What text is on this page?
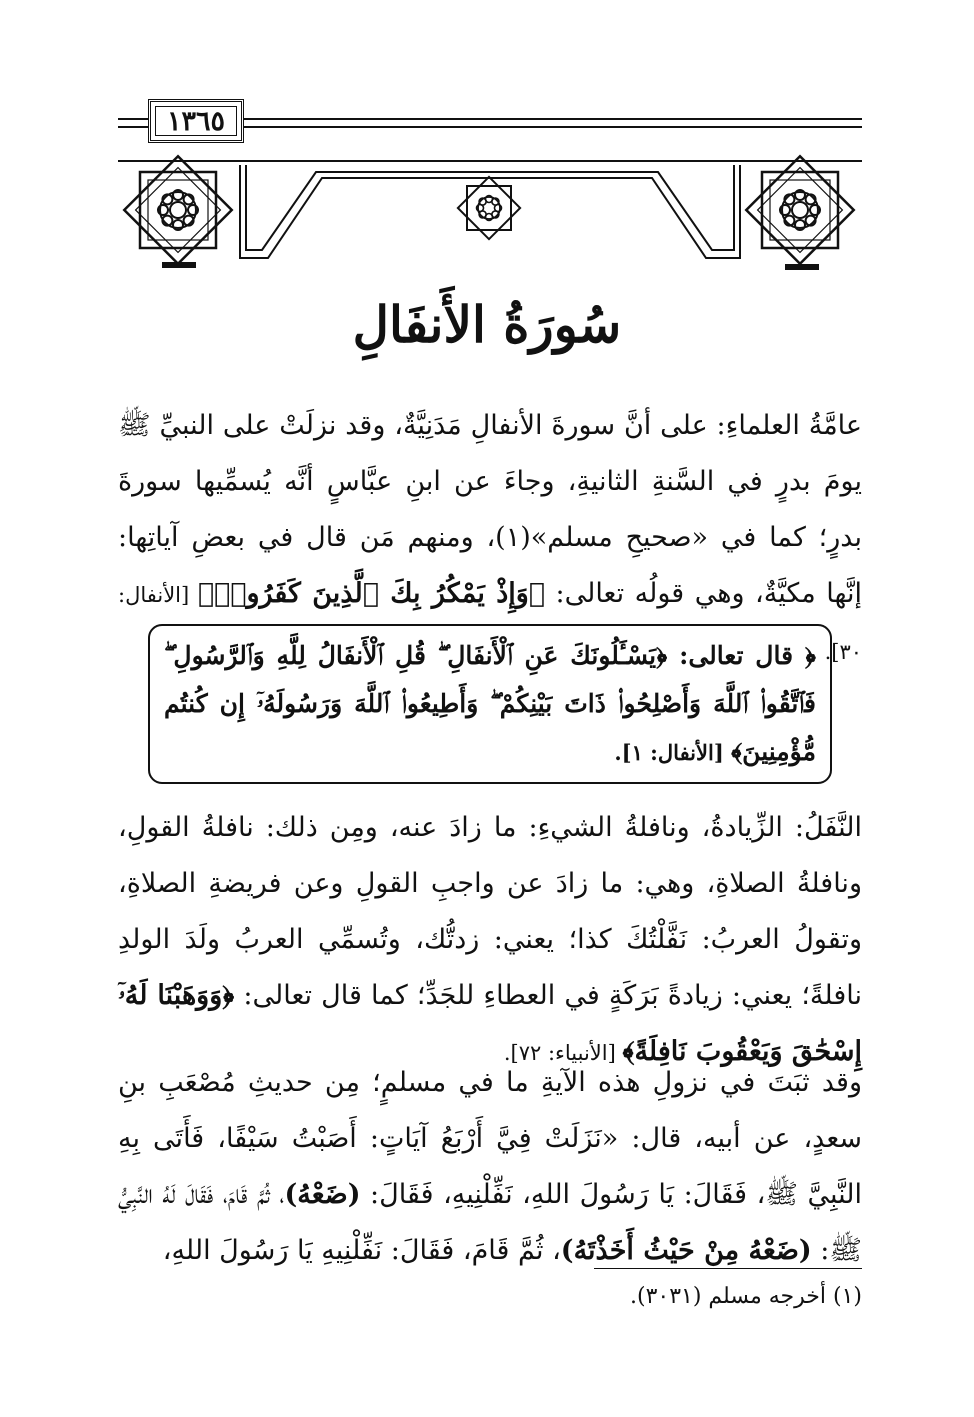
١٣٦٥
سُورَةُ الأَنفَالِ
عامَّةُ العلماءِ: على أنَّ سورةَ الأنفالِ مَدَنِيَّةٌ، وقد نزلَتْ على النبيِّ ﷺ يومَ بدرٍ في السَّنةِ الثانيةِ، وجاءَ عن ابنِ عبَّاسٍ أنَّه يُسمِّيها سورةَ بدرٍ؛ كما في «صحيحِ مسلم»(١)، ومنهم مَن قال في بعضِ آياتِها: إنَّها مكيَّةٌ، وهي قولُه تعالى: ﴿وَإِذْ يَمْكُرُ بِكَ ٱلَّذِينَ كَفَرُوا۟﴾ [الأنفال: ٣٠].
﴿ قال تعالى: ﴿يَسْـَٔلُونَكَ عَنِ ٱلْأَنفَالِ ۖ قُلِ ٱلْأَنفَالُ لِلَّهِ وَٱلرَّسُولِ ۖ فَٱتَّقُوا۟ ٱللَّهَ وَأَصْلِحُوا۟ ذَاتَ بَيْنِكُمْ ۖ وَأَطِيعُوا۟ ٱللَّهَ وَرَسُولَهُۥٓ إِن كُنتُم مُّؤْمِنِينَ﴾ [الأنفال: ١].
النَّفَلُ: الزِّيادةُ، ونافلةُ الشيءِ: ما زادَ عنه، ومِن ذلك: نافلةُ القولِ، ونافلةُ الصلاةِ، وهي: ما زادَ عن واجبِ القولِ وعن فريضةِ الصلاةِ، وتقولُ العربُ: نَفَّلْتُكَ كذا؛ يعني: زدتُّك، وتُسمِّي العربُ ولَدَ الولدِ نافلةً؛ يعني: زيادةً بَرَكَةٍ في العطاءِ للجَدِّ؛ كما قال تعالى: ﴿وَوَهَبْنَا لَهُۥٓ إِسْحَٰقَ وَيَعْقُوبَ نَافِلَةً﴾ [الأنبياء: ٧٢].
وقد ثبَتَ في نزولِ هذه الآيةِ ما في مسلمٍ؛ مِن حديثِ مُصْعَبِ بنِ سعدٍ، عن أبيه، قال: «نَزَلَتْ فِيَّ أَرْبَعُ آيَاتٍ: أَصَبْتُ سَيْفًا، فَأَتَى بِهِ النَّبِيَّ ﷺ، فَقَالَ: يَا رَسُولَ اللهِ، نَفِّلْنِيهِ، فَقَالَ: (ضَعْهُ)، ثُمَّ قَامَ، فَقَالَ لَهُ النَّبِيُّ ﷺ: (ضَعْهُ مِنْ حَيْثُ أَخَذْتَهُ)، ثُمَّ قَامَ، فَقَالَ: نَفِّلْنِيهِ يَا رَسُولَ اللهِ،
(١) أخرجه مسلم (٣٠٣١).
